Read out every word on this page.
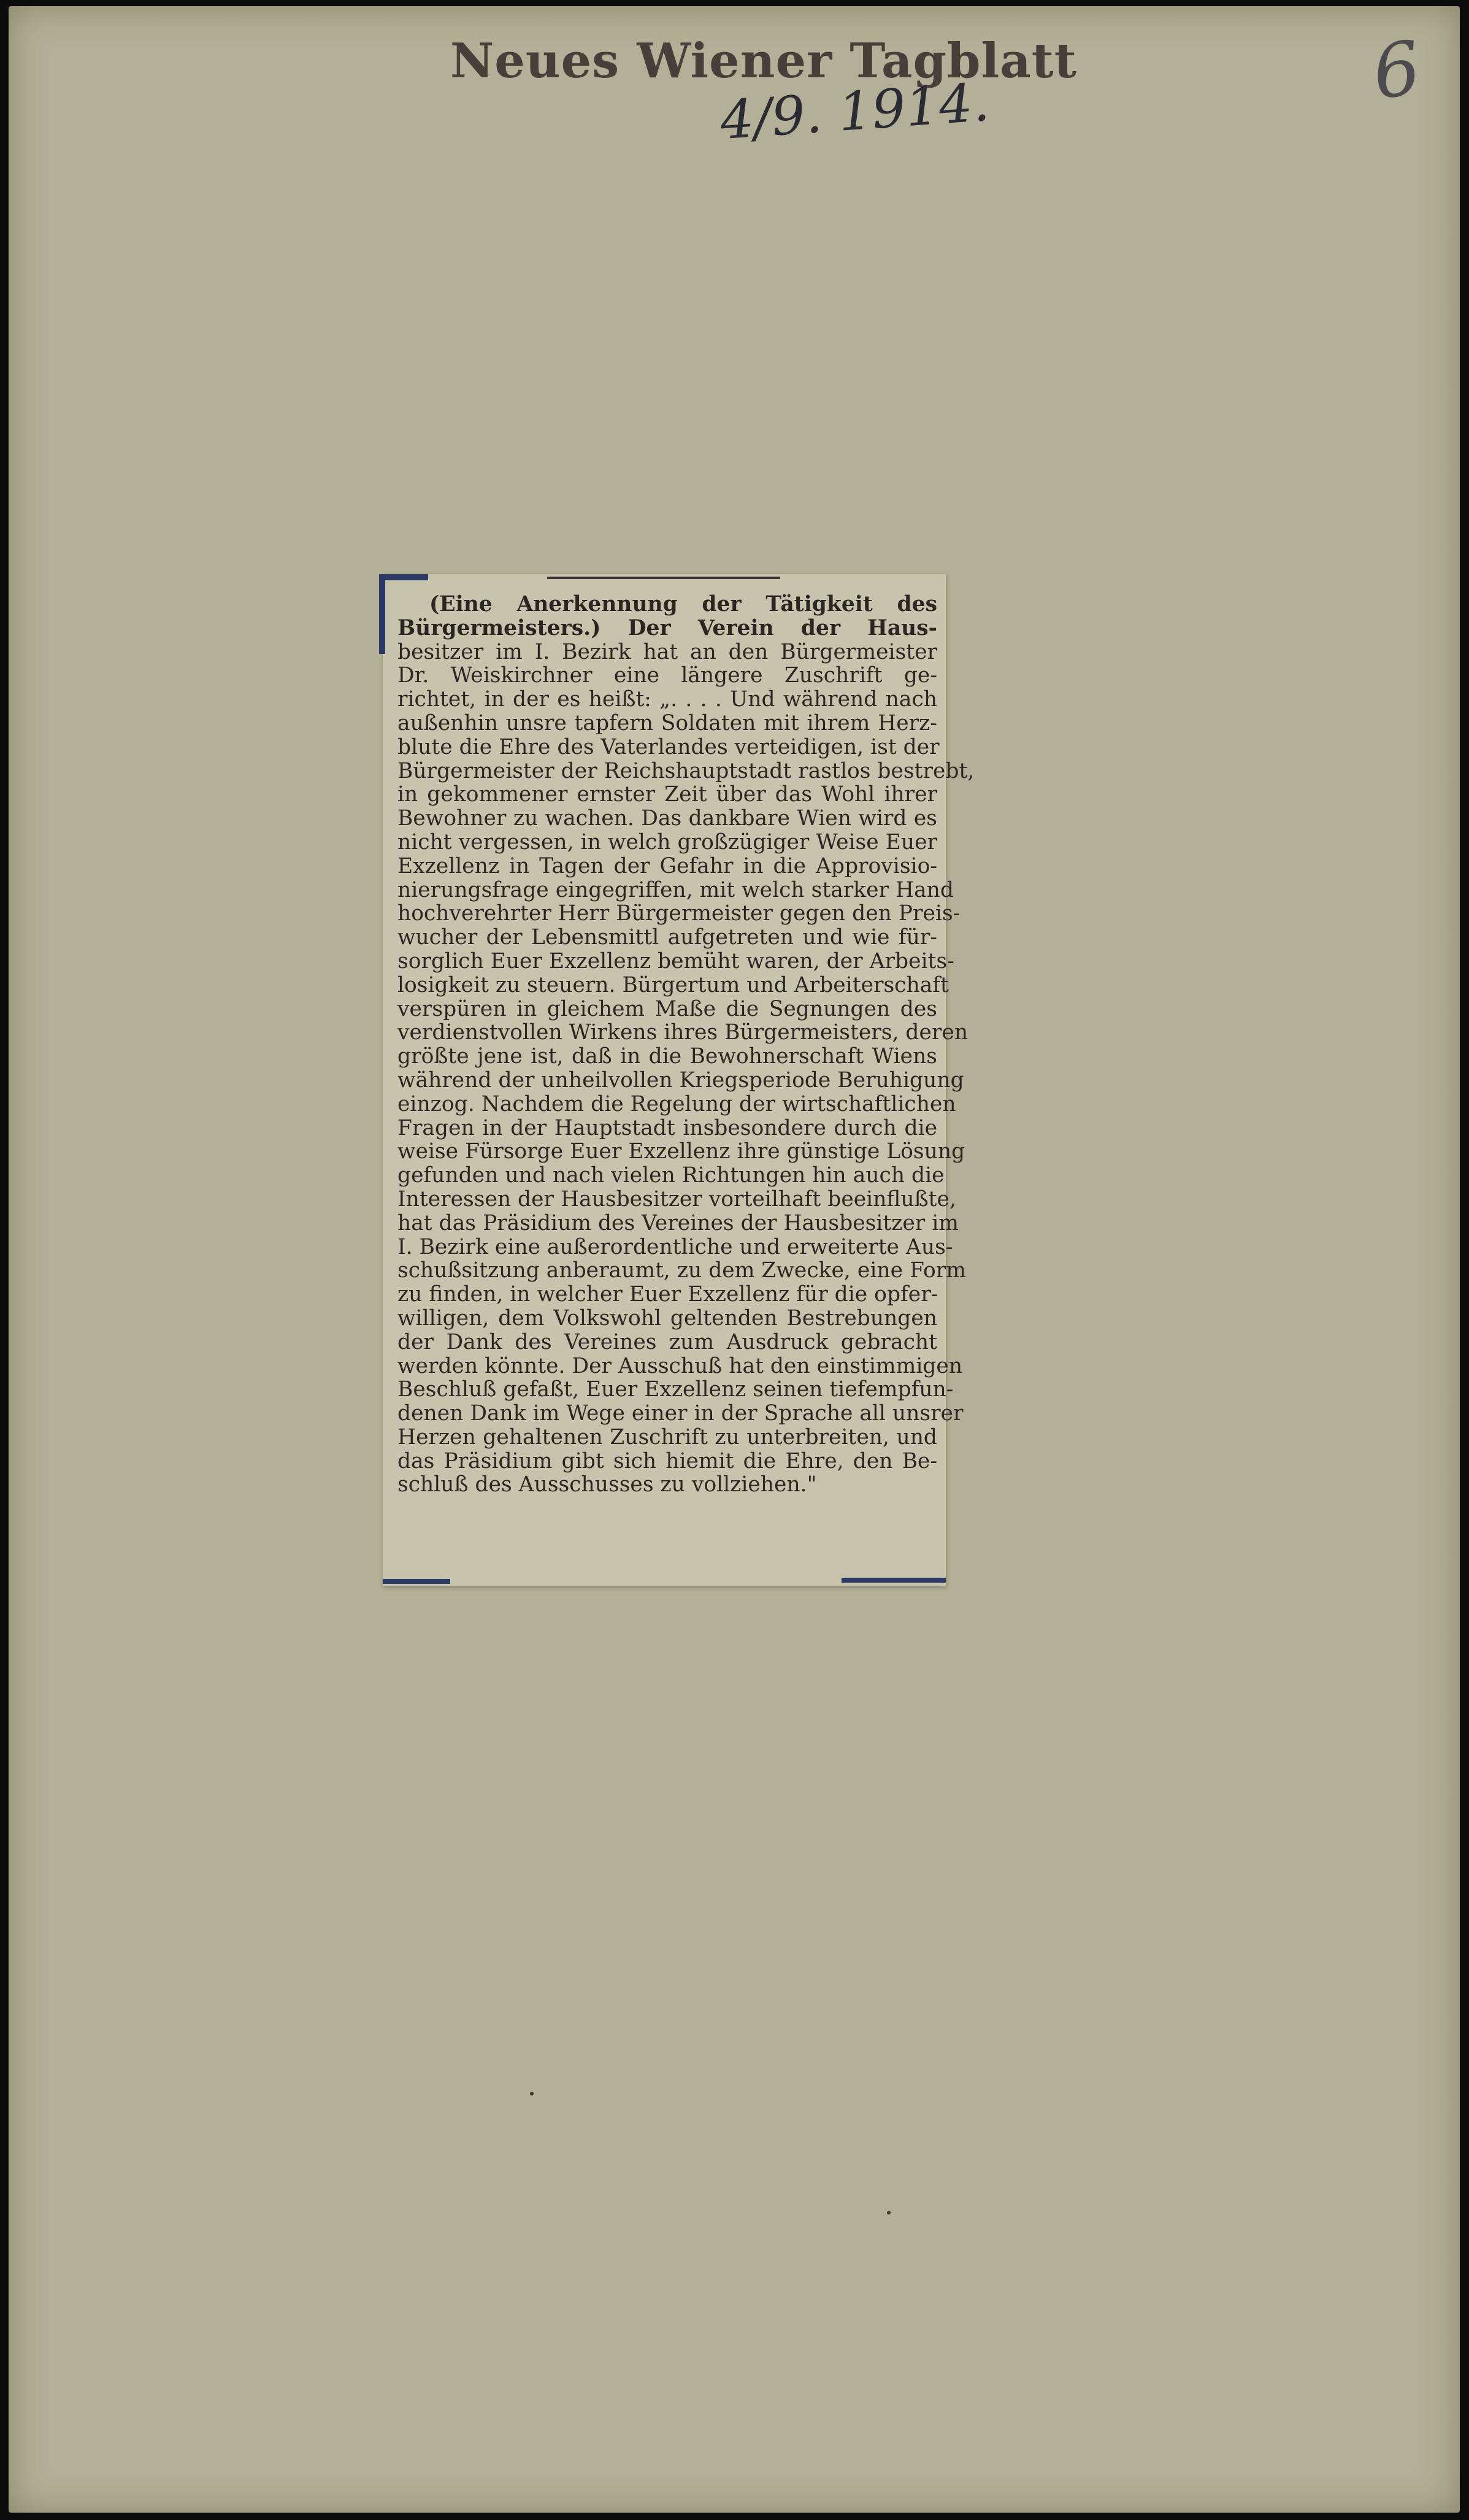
Neues Wiener Tagblatt
4/9. 1914.	6
(Eine Anerkennung der Tätigkeit des
Bürgermeisters.) Der Verein der Haus-
besitzer im I. Bezirk hat an den Bürgermeister
Dr. Weiskirchner eine längere Zuschrift ge-
richtet, in der es heißt: „. . . . Und während nach
außenhin unsre tapfern Soldaten mit ihrem Herz-
blute die Ehre des Vaterlandes verteidigen, ist der
Bürgermeister der Reichshauptstadt rastlos bestrebt,
in gekommener ernster Zeit über das Wohl ihrer
Bewohner zu wachen. Das dankbare Wien wird es
nicht vergessen, in welch großzügiger Weise Euer
Exzellenz in Tagen der Gefahr in die Approvisio-
nierungsfrage eingegriffen, mit welch starker Hand
hochverehrter Herr Bürgermeister gegen den Preis-
wucher der Lebensmittl aufgetreten und wie für-
sorglich Euer Exzellenz bemüht waren, der Arbeits-
losigkeit zu steuern. Bürgertum und Arbeiterschaft
verspüren in gleichem Maße die Segnungen des
verdienstvollen Wirkens ihres Bürgermeisters, deren
größte jene ist, daß in die Bewohnerschaft Wiens
während der unheilvollen Kriegsperiode Beruhigung
einzog. Nachdem die Regelung der wirtschaftlichen
Fragen in der Hauptstadt insbesondere durch die
weise Fürsorge Euer Exzellenz ihre günstige Lösung
gefunden und nach vielen Richtungen hin auch die
Interessen der Hausbesitzer vorteilhaft beeinflußte,
hat das Präsidium des Vereines der Hausbesitzer im
I. Bezirk eine außerordentliche und erweiterte Aus-
schußsitzung anberaumt, zu dem Zwecke, eine Form
zu finden, in welcher Euer Exzellenz für die opfer-
willigen, dem Volkswohl geltenden Bestrebungen
der Dank des Vereines zum Ausdruck gebracht
werden könnte. Der Ausschuß hat den einstimmigen
Beschluß gefaßt, Euer Exzellenz seinen tiefempfun-
denen Dank im Wege einer in der Sprache all unsrer
Herzen gehaltenen Zuschrift zu unterbreiten, und
das Präsidium gibt sich hiemit die Ehre, den Be-
schluß des Ausschusses zu vollziehen."
